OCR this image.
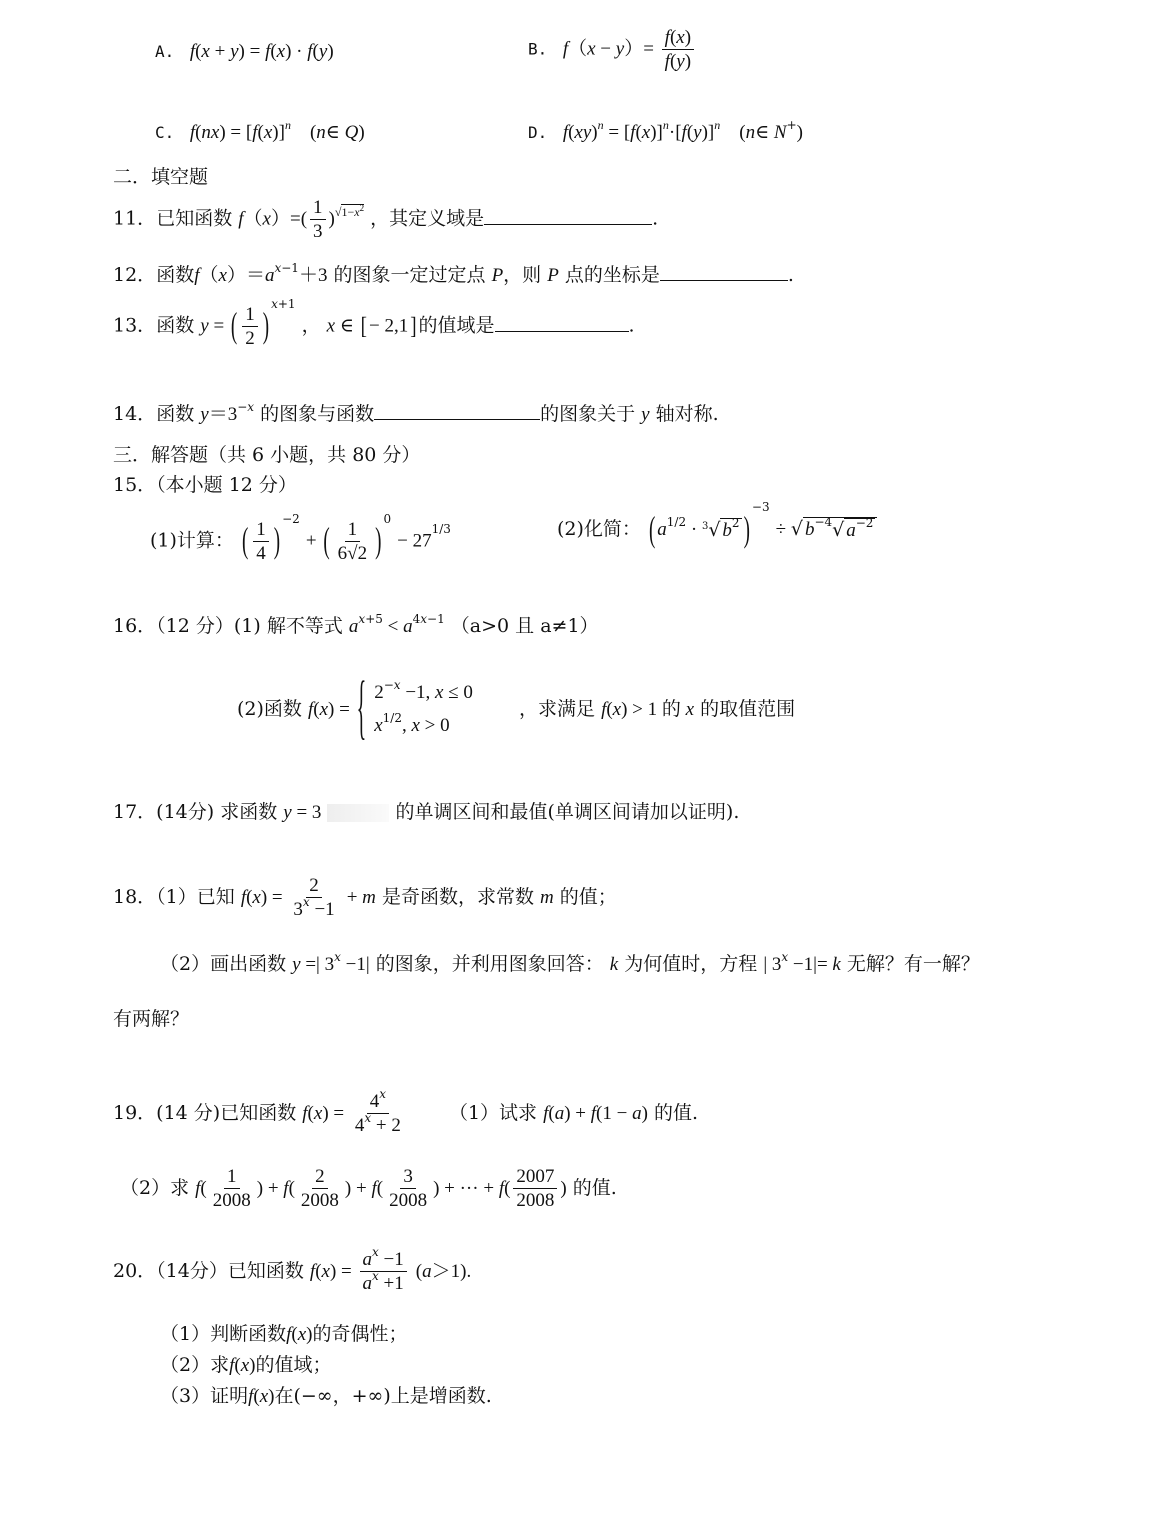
A.   f(x + y) = f(x) · f(y)	B.   $f(x - y)= \frac{f(x)}{f(y)}$
C.   $f(nx) = [f(x)]^n$    (n∈ Q)	D.   $f(xy)^n = [f(x)]^n\cdot[f(y)]^n$    (n∈ N+)
二．填空题
11．已知函数 $f(x)=( \frac{1}{3} )^{√1-x^2}$ ，其定义域是	.
12．函数$f(x)=a^{x-1}+3$ 的图象一定过定点 P，则 P 点的坐标是	.
13．函数 y = ( $\frac{1}{2} )^{x+1}$ ， x ∈ [ − 2,1 ] 的值域是	.
14．函数 $y=3^{-x}$ 的图象与函数	的图象关于 y 轴对称.
三．解答题（共 6 小题，共 80 分）
15．（本小题 12 分）
(1)计算： ( $\frac{1}{4} )^{-2}$ + ( $\frac{1}{6√2} )^0 - 27^{1/3}$	(2)化简： ( $a^{1/2} \cdot ^3√$ $b^2$ )$^{-3}$ ÷ √ $b^{-4}√$ $a^{-2}$
16．（12 分）(1) 解不等式 $a^{x+5} < a^{4x-1}$ （a>0 且 a≠1）
(2)函数 f(x) = { $2^{-x} -1$, x ≤ 0
$x^{1/2}$, x > 0
，求满足 f(x) > 1 的 x 的取值范围
17．(14分) 求函数 y = 3	的单调区间和最值(单调区间请加以证明).
18．（1）已知 $f(x) = \frac{2}{3^x -1} + m$ 是奇函数，求常数 m 的值；
（2）画出函数 y =| $3^x -1|$ 的图象，并利用图象回答： k 为何值时，方程 | $3^x -1|= k$ 无解？有一解？
有两解？
19．(14 分)已知函数 $f(x) = \frac{4^x}{4^x + 2} (1)$试求 f(a) + f(1 − a) 的值.
（2）求 $f( \frac{1}{2008}$ ) + $f( \frac{2}{2008}$ ) + $f( \frac{3}{2008}$ ) + ··· + $f( \frac{2007}{2008}$ ) 的值.
20．（14分）已知函数 $f(x) = \frac{a^x -1}{a^x +1} (a>1)$.
（1）判断函数f(x)的奇偶性；
（2）求f(x)的值域；
（3）证明f(x)在(−∞，+∞)上是增函数.
